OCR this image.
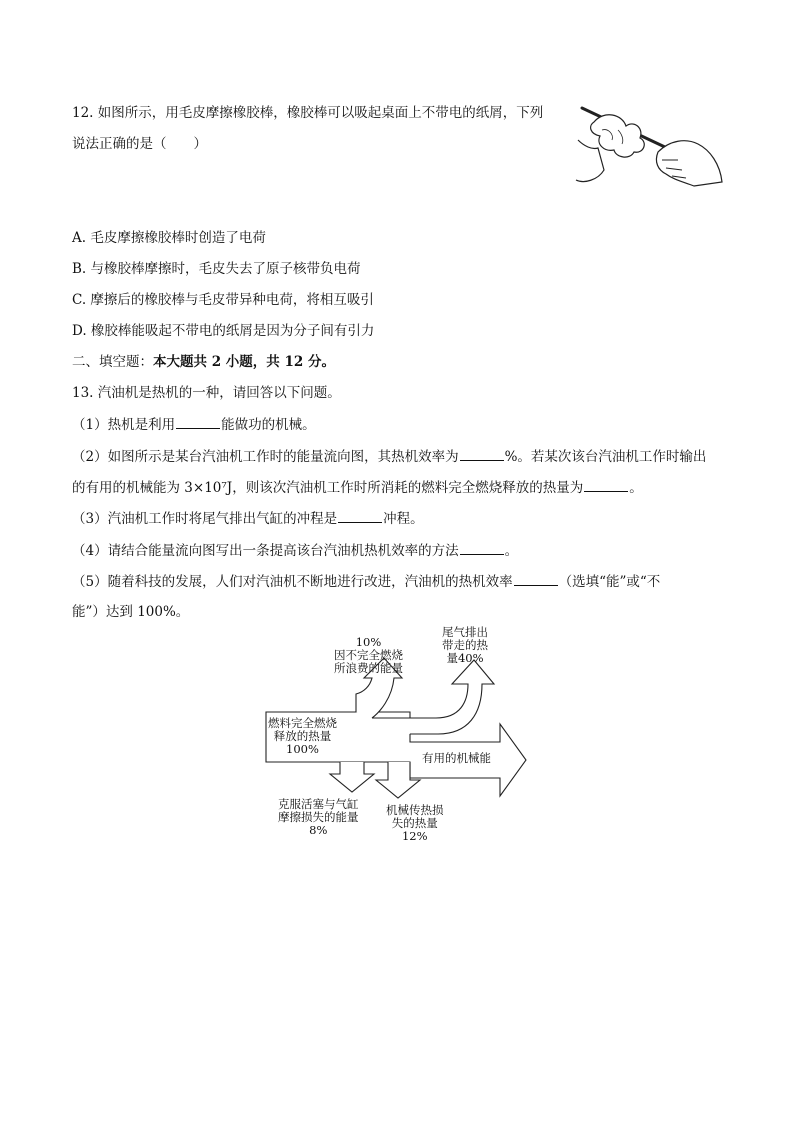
12. 如图所示，用毛皮摩擦橡胶棒，橡胶棒可以吸起桌面上不带电的纸屑，下列
说法正确的是（　　）
A. 毛皮摩擦橡胶棒时创造了电荷
B. 与橡胶棒摩擦时，毛皮失去了原子核带负电荷
C. 摩擦后的橡胶棒与毛皮带异种电荷，将相互吸引
D. 橡胶棒能吸起不带电的纸屑是因为分子间有引力
二、填空题：本大题共 2 小题，共 12 分。
13. 汽油机是热机的一种，请回答以下问题。
（1）热机是利用	能做功的机械。
（2）如图所示是某台汽油机工作时的能量流向图，其热机效率为	%。若某次该台汽油机工作时输出
的有用的机械能为 3×10⁷J，则该次汽油机工作时所消耗的燃料完全燃烧释放的热量为	。
（3）汽油机工作时将尾气排出气缸的冲程是	冲程。
（4）请结合能量流向图写出一条提高该台汽油机热机效率的方法	。
（5）随着科技的发展，人们对汽油机不断地进行改进，汽油机的热机效率	（选填“能”或“不
能”）达到 100%。
10%
因不完全燃烧
所浪费的能量
尾气排出
带走的热
量40%
燃料完全燃烧
释放的热量
100%
有用的机械能
克服活塞与气缸
摩擦损失的能量
8%
机械传热损
失的热量
12%
